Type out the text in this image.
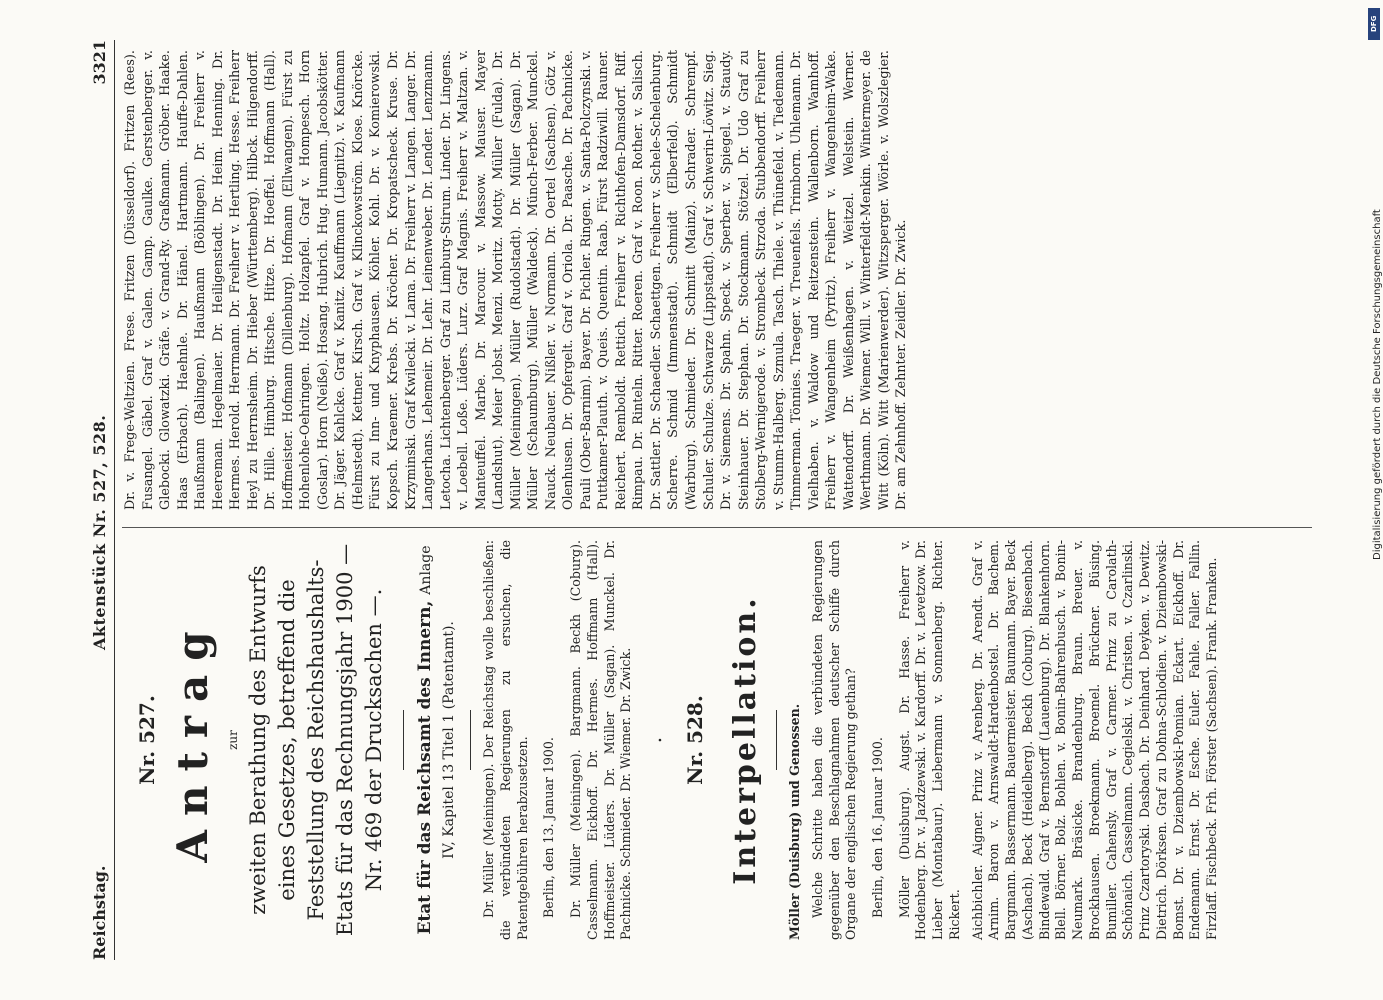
Reichstag.
Aktenstück Nr. 527, 528.
3321
Nr. 527. Antrag zur zweiten Berathung des Entwurfs eines Gesetzes, betreffend die Feststellung des Reichshaushalts-Etats für das Rechnungsjahr 1900 — Nr. 469 der Drucksachen —. Etat für das Reichsamt des Innern, Anlage IV, Kapitel 13 Titel 1 (Patentamt). Dr. Müller (Meiningen). Der Reichstag wolle beschließen: die verbündeten Regierungen zu ersuchen, die Patentgebühren herabzusetzen. Berlin, den 13. Januar 1900. Dr. Müller (Meiningen). Bargmann. Beckh (Coburg). Casselmann. Eickhoff. Dr. Hermes. Hoffmann (Hall). Hoffmeister. Lüders. Dr. Müller (Sagan). Munckel. Dr. Pachnicke. Schmieder. Dr. Wiemer. Dr. Zwick. . Nr. 528. Interpellation. Möller (Duisburg) und Genossen. Welche Schritte haben die verbündeten Regierungen gegenüber den Beschlagnahmen deutscher Schiffe durch Organe der englischen Regierung gethan? Berlin, den 16. Januar 1900. Möller (Duisburg). Augst. Dr. Hasse. Freiherr v. Hodenberg. Dr. v. Jazdzewski. v. Kardorff. Dr. v. Levetzow. Dr. Lieber (Montabaur). Liebermann v. Sonnenberg. Richter. Rickert. Aichbichler. Aigner. Prinz v. Arenberg. Dr. Arendt. Graf v. Arnim. Baron v. Arnswaldt-Hardenbostel. Dr. Bachem. Bargmann. Bassermann. Bauermeister. Baumann. Bayer. Beck (Aschach). Beck (Heidelberg). Beckh (Coburg). Biesenbach. Bindewald. Graf v. Bernstorff (Lauenburg). Dr. Blankenhorn. Blell. Börner. Bolz. Bohlen. v. Bonin-Bahrenbusch. v. Bonin-Neumark. Bräsicke. Brandenburg. Braun. Breuer. v. Brockhausen. Broekmann. Broemel. Brückner. Büsing. Bumiller. Cahensly. Graf v. Carmer. Prinz zu Carolath-Schönaich. Casselmann. Cegielski. v. Christen. v. Czarlinski. Prinz Czartoryski. Dasbach. Dr. Deinhard. Deyken. v. Dewitz. Dietrich. Dörksen. Graf zu Dohna-Schlodien. v. Dziembowski-Bomst. Dr. v. Dziembowski-Pomian. Eckart. Eickhoff. Dr. Endemann. Ernst. Dr. Esche. Euler. Fahle. Faller. Fallin. Firzlaff. Fischbeck. Frh. Förster (Sachsen). Frank. Franken.

Dr. v. Frege-Weltzien. Frese. Fritzen (Düsseldorf). Fritzen (Rees). Fusangel. Gäbel. Graf v. Galen. Gamp. Gaulke. Gerstenberger. v. Glebocki. Glowatzki. Gräfe. v. Grand-Ry. Graßmann. Gröber. Haake. Haas (Erbach). Haehnle. Dr. Hänel. Hartmann. Hauffe-Dahlen. Haußmann (Balingen). Haußmann (Böblingen). Dr. Freiherr v. Heereman. Hegelmaier. Dr. Heiligenstadt. Dr. Heim. Henning. Dr. Hermes. Herold. Herrmann. Dr. Freiherr v. Hertling. Hesse. Freiherr Heyl zu Herrnsheim. Dr. Hieber (Württemberg). Hilbck. Hilgendorff. Dr. Hille. Himburg. Hitsche. Hitze. Dr. Hoeffel. Hoffmann (Hall). Hoffmeister. Hofmann (Dillenburg). Hofmann (Ellwangen). Fürst zu Hohenlohe-Oehringen. Holtz. Holzapfel. Graf v. Hompesch. Horn (Goslar). Horn (Neiße). Hosang. Hubrich. Hug. Humann. Jacobskötter. Dr. Jäger. Kahlcke. Graf v. Kanitz. Kauffmann (Liegnitz). v. Kaufmann (Helmstedt). Kettner. Kirsch. Graf v. Klinckowström. Klose. Knörcke. Fürst zu Inn- und Knyphausen. Köhler. Kohl. Dr. v. Komierowski. Kopsch. Kraemer. Krebs. Dr. Kröcher. Dr. Kropatscheck. Kruse. Dr. Krzyminski. Graf Kwilecki. v. Lama. Dr. Freiherr v. Langen. Langer. Dr. Langerhans. Lehemeir. Dr. Lehr. Leinenweber. Dr. Lender. Lenzmann. Letocha. Lichtenberger. Graf zu Limburg-Stirum. Linder. Dr. Lingens. v. Loebell. Loße. Lüders. Lurz. Graf Magnis. Freiherr v. Maltzan. v. Manteuffel. Marbe. Dr. Marcour. v. Massow. Mauser. Mayer (Landshut). Meier Jobst. Menzi. Moritz. Motty. Müller (Fulda). Dr. Müller (Meiningen). Müller (Rudolstadt). Dr. Müller (Sagan). Dr. Müller (Schaumburg). Müller (Waldeck). Münch-Ferber. Munckel. Nauck. Neubauer. Nißler. v. Normann. Dr. Oertel (Sachsen). Götz v. Olenhusen. Dr. Opfergelt. Graf v. Oriola. Dr. Paasche. Dr. Pachnicke. Pauli (Ober-Barnim). Bayer. Dr. Pichler. Ringen. v. Santa-Polczynski. v. Puttkamer-Plauth. v. Queis. Quentin. Raab. Fürst Radziwill. Rauner. Reichert. Remboldt. Rettich. Freiherr v. Richthofen-Damsdorf. Riff. Rimpau. Dr. Rinteln. Ritter. Roeren. Graf v. Roon. Rother. v. Salisch. Dr. Sattler. Dr. Schaedler. Schaettgen. Freiherr v. Schele-Schelenburg. Scherre. Schmid (Immenstadt). Schmidt (Elberfeld). Schmidt (Warburg). Schmieder. Dr. Schmitt (Mainz). Schrader. Schrempf. Schuler. Schulze. Schwarze (Lippstadt). Graf v. Schwerin-Löwitz. Sieg. Dr. v. Siemens. Dr. Spahn. Speck. v. Sperber. v. Spiegel. v. Staudy. Steinhauer. Dr. Stephan. Dr. Stockmann. Stötzel. Dr. Udo Graf zu Stolberg-Wernigerode. v. Strombeck. Strzoda. Stubbendorff. Freiherr v. Stumm-Halberg. Szmula. Tasch. Thiele. v. Thünefeld. v. Tiedemann. Timmerman. Tönnies. Traeger. v. Treuenfels. Trimborn. Uhlemann. Dr. Vielhaben. v. Waldow und Reitzenstein. Wallenborn. Wamhoff. Freiherr v. Wangenheim (Pyritz). Freiherr v. Wangenheim-Wake. Wattendorff. Dr. Weißenhagen. v. Weitzel. Welstein. Werner. Werthmann. Dr. Wiemer. Will. v. Winterfeldt-Menkin. Wintermeyer. de Witt (Köln). Witt (Marienwerder). Witzsperger. Wörle. v. Wolszlegier. Dr. am Zehnhoff. Zehnter. Zeidler. Dr. Zwick.

DFG
Digitalisierung gefördert durch die Deutsche Forschungsgemeinschaft
